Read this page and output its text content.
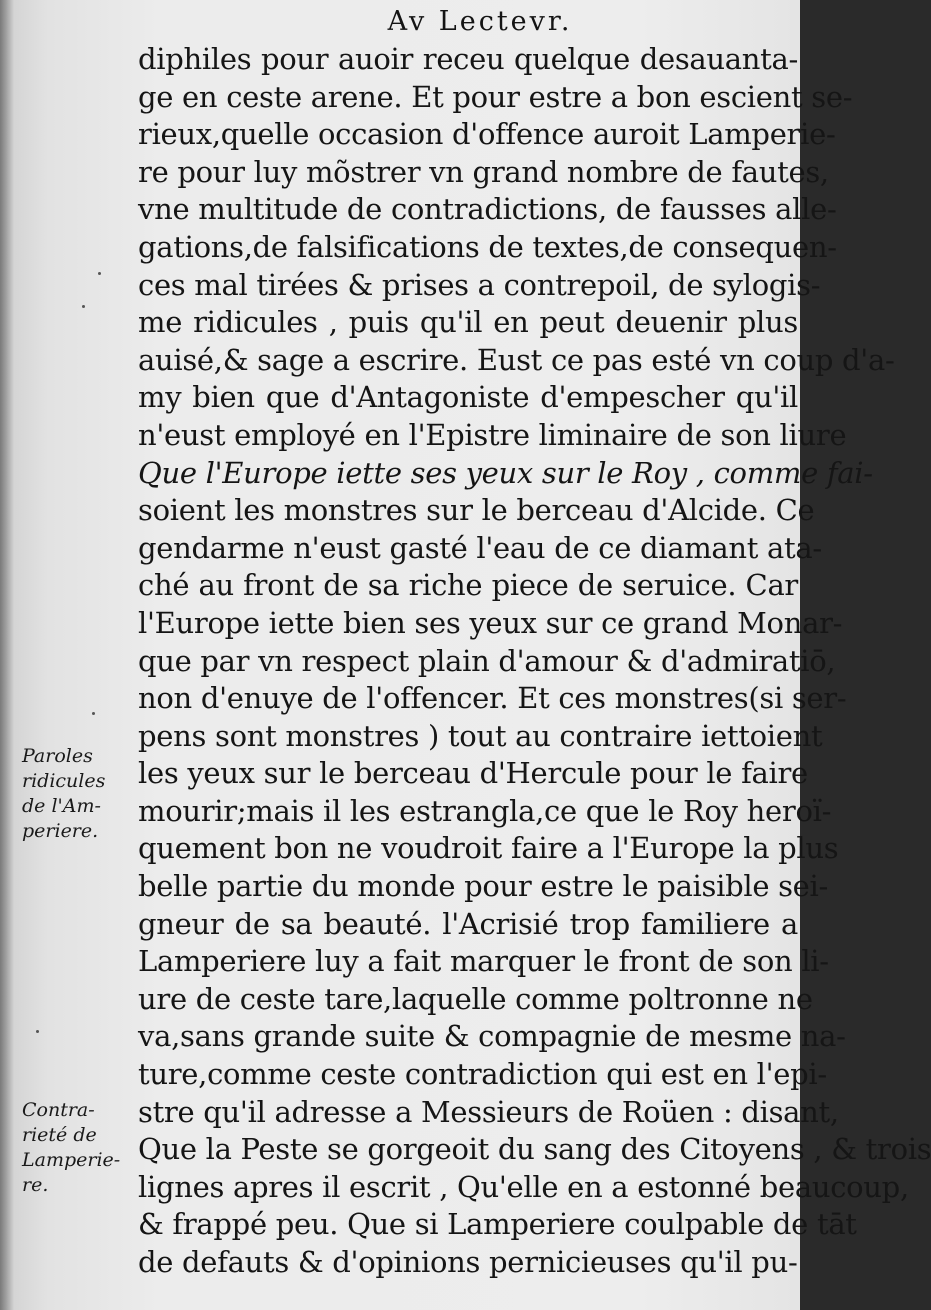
Av Lectevr.
diphiles pour auoir receu quelque desauanta-
ge en ceste arene. Et pour estre a bon escient se-
rieux,quelle occasion d'offence auroit Lamperie-
re pour luy mõstrer vn grand nombre de fautes,
vne multitude de contradictions, de fausses alle-
gations,de falsifications de textes,de consequen-
ces mal tirées & prises a contrepoil, de sylogis-
me ridicules , puis qu'il en peut deuenir plus
auisé,& sage a escrire. Eust ce pas esté vn coup d'a-
my bien que d'Antagoniste d'empescher qu'il
n'eust employé en l'Epistre liminaire de son liure
Que l'Europe iette ses yeux sur le Roy , comme fai-
soient les monstres sur le berceau d'Alcide. Ce
gendarme n'eust gasté l'eau de ce diamant ata-
ché au front de sa riche piece de seruice. Car
l'Europe iette bien ses yeux sur ce grand Monar-
que par vn respect plain d'amour & d'admiratiō,
non d'enuye de l'offencer. Et ces monstres(si ser-
pens sont monstres ) tout au contraire iettoient
les yeux sur le berceau d'Hercule pour le faire
mourir;mais il les estrangla,ce que le Roy heroï-
quement bon ne voudroit faire a l'Europe la plus
belle partie du monde pour estre le paisible sei-
gneur de sa beauté. l'Acrisié trop familiere a
Lamperiere luy a fait marquer le front de son li-
ure de ceste tare,laquelle comme poltronne ne
va,sans grande suite & compagnie de mesme na-
ture,comme ceste contradiction qui est en l'epi-
stre qu'il adresse a Messieurs de Roüen : disant,
Que la Peste se gorgeoit du sang des Citoyens , & trois
lignes apres il escrit , Qu'elle en a estonné beaucoup,
& frappé peu. Que si Lamperiere coulpable de tāt
de defauts & d'opinions pernicieuses qu'il pu-
Paroles
ridicules
de l'Am-
periere.
Contra-
rieté de
Lamperie-
re.
